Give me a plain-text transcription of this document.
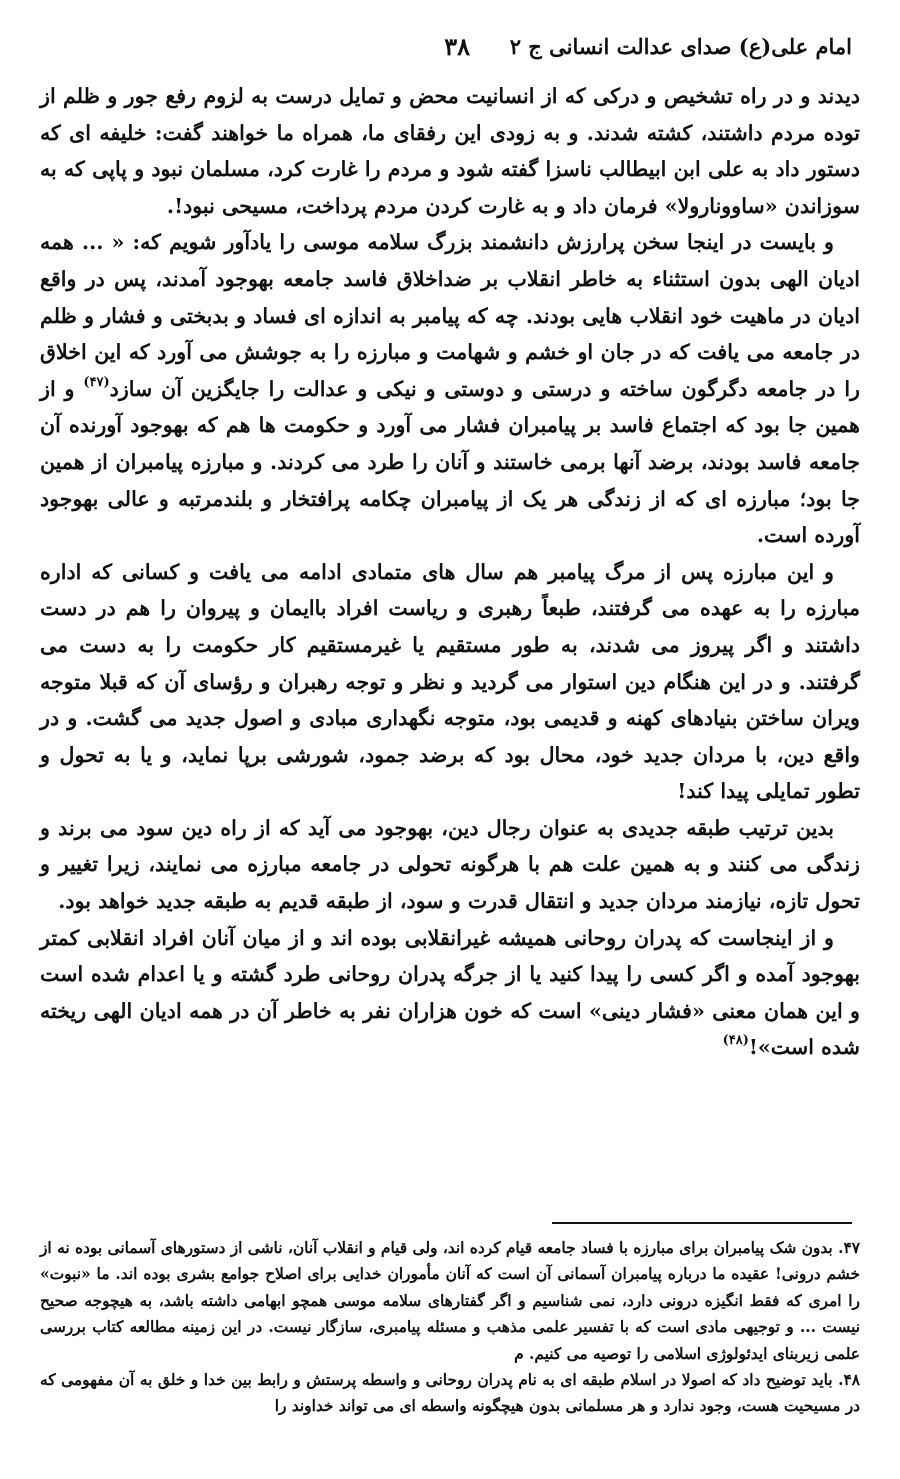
امام علی(ع) صدای عدالت انسانی ج ۲
۳۸

دیدند و در راه تشخیص و درکی که از انسانیت محض و تمایل درست به لزوم رفع جور و ظلم از توده مردم داشتند، کشته شدند. و به زودی این رفقای ما، همراه ما خواهند گفت: خلیفه ای که دستور داد به علی ابن ابیطالب ناسزا گفته شود و مردم را غارت کرد، مسلمان نبود و پاپی که به سوزاندن «ساوونارولا» فرمان داد و به غارت کردن مردم پرداخت، مسیحی نبود!.

و بایست در اینجا سخن پرارزش دانشمند بزرگ سلامه موسی را یادآور شویم که: « ... همه ادیان الهی بدون استثناء به خاطر انقلاب بر ضداخلاق فاسد جامعه بهوجود آمدند، پس در واقع ادیان در ماهیت خود انقلاب هایی بودند. چه که پیامبر به اندازه ای فساد و بدبختی و فشار و ظلم در جامعه می یافت که در جان او خشم و شهامت و مبارزه را به جوشش می آورد که این اخلاق را در جامعه دگرگون ساخته و درستی و دوستی و نیکی و عدالت را جایگزین آن سازد$^{(۴۷)}$ و از همین جا بود که اجتماع فاسد بر پیامبران فشار می آورد و حکومت ها هم که بهوجود آورنده آن جامعه فاسد بودند، برضد آنها برمی خاستند و آنان را طرد می کردند. و مبارزه پیامبران از همین جا بود؛ مبارزه ای که از زندگی هر یک از پیامبران چکامه پرافتخار و بلندمرتبه و عالی بهوجود آورده است.

و این مبارزه پس از مرگ پیامبر هم سال های متمادی ادامه می یافت و کسانی که اداره مبارزه را به عهده می گرفتند، طبعاً رهبری و ریاست افراد باایمان و پیروان را هم در دست داشتند و اگر پیروز می شدند، به طور مستقیم یا غیرمستقیم کار حکومت را به دست می گرفتند. و در این هنگام دین استوار می گردید و نظر و توجه رهبران و رؤسای آن که قبلا متوجه ویران ساختن بنیادهای کهنه و قدیمی بود، متوجه نگهداری مبادی و اصول جدید می گشت. و در واقع دین، با مردان جدید خود، محال بود که برضد جمود، شورشی برپا نماید، و یا به تحول و تطور تمایلی پیدا کند!

بدین ترتیب طبقه جدیدی به عنوان رجال دین، بهوجود می آید که از راه دین سود می برند و زندگی می کنند و به همین علت هم با هرگونه تحولی در جامعه مبارزه می نمایند، زیرا تغییر و تحول تازه، نیازمند مردان جدید و انتقال قدرت و سود، از طبقه قدیم به طبقه جدید خواهد بود.

و از اینجاست که پدران روحانی همیشه غیرانقلابی بوده اند و از میان آنان افراد انقلابی کمتر بهوجود آمده و اگر کسی را پیدا کنید یا از جرگه پدران روحانی طرد گشته و یا اعدام شده است و این همان معنی «فشار دینی» است که خون هزاران نفر به خاطر آن در همه ادیان الهی ریخته شده است»!$^{(۴۸)}$

۴۷. بدون شک پیامبران برای مبارزه با فساد جامعه قیام کرده اند، ولی قیام و انقلاب آنان، ناشی از دستورهای آسمانی بوده نه از خشم درونی! عقیده ما درباره پیامبران آسمانی آن است که آنان مأموران خدایی برای اصلاح جوامع بشری بوده اند. ما «نبوت» را امری که فقط انگیزه درونی دارد، نمی شناسیم و اگر گفتارهای سلامه موسی همچو ابهامی داشته باشد، به هیچوجه صحیح نیست ... و توجیهی مادی است که با تفسیر علمی مذهب و مسئله پیامبری، سازگار نیست. در این زمینه مطالعه کتاب بررسی علمی زیربنای ایدئولوژی اسلامی را توصیه می کنیم. م

۴۸. باید توضیح داد که اصولا در اسلام طبقه ای به نام پدران روحانی و واسطه پرستش و رابط بین خدا و خلق به آن مفهومی که در مسیحیت هست، وجود ندارد و هر مسلمانی بدون هیچگونه واسطه ای می تواند خداوند را
